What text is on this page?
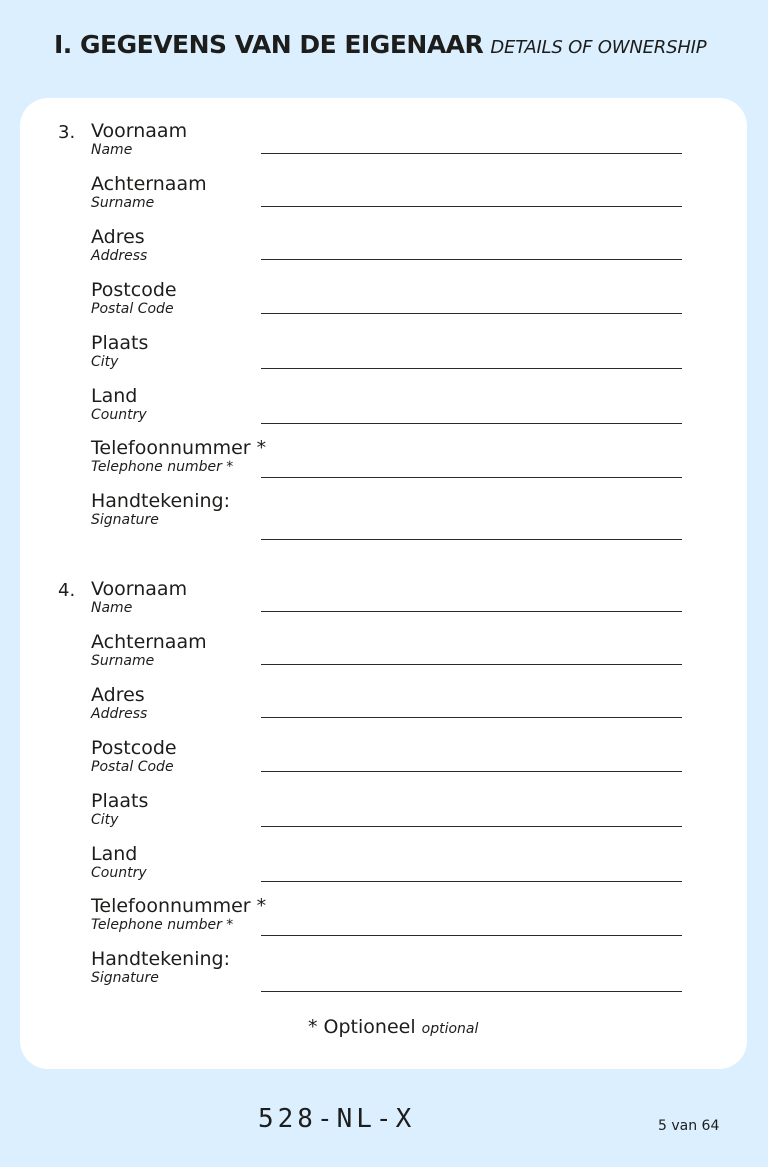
I. GEGEVENS VAN DE EIGENAAR DETAILS OF OWNERSHIP
3. Voornaam
Name
Achternaam
Surname
Adres
Address
Postcode
Postal Code
Plaats
City
Land
Country
Telefoonnummer *
Telephone number *
Handtekening:
Signature
4. Voornaam
Name
Achternaam
Surname
Adres
Address
Postcode
Postal Code
Plaats
City
Land
Country
Telefoonnummer *
Telephone number *
Handtekening:
Signature
* Optioneel optional
528-NL-X	5 van 64
